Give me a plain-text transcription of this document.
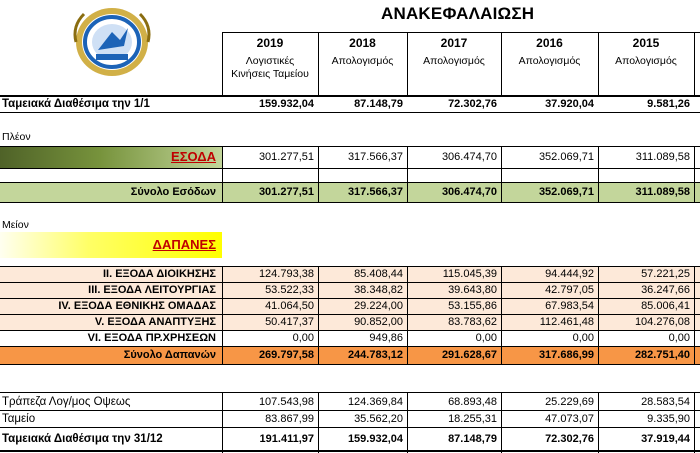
ΑΝΑΚΕΦΑΛΑΙΩΣΗ
2019	2018	2017	2016	2015
Λογιστικές Κινήσεις Ταμείου
Απολογισμός	Απολογισμός	Απολογισμός	Απολογισμός
Ταμειακά Διαθέσιμα την 1/1	159.932,04	87.148,79	72.302,76	37.920,04	9.581,26
Πλέον
ΕΣΟΔΑ	301.277,51	317.566,37	306.474,70	352.069,71	311.089,58
Σύνολο Εσόδων	301.277,51	317.566,37	306.474,70	352.069,71	311.089,58
Μείον
ΔΑΠΑΝΕΣ
ΙΙ. ΕΞΟΔΑ ΔΙΟΙΚΗΣΗΣ	124.793,38	85.408,44	115.045,39	94.444,92	57.221,25
ΙΙΙ. ΕΞΟΔΑ ΛΕΙΤΟΥΡΓΙΑΣ	53.522,33	38.348,82	39.643,80	42.797,05	36.247,66
IV. ΕΞΟΔΑ ΕΘΝΙΚΗΣ ΟΜΑΔΑΣ	41.064,50	29.224,00	53.155,86	67.983,54	85.006,41
V. ΕΞΟΔΑ ΑΝΑΠΤΥΞΗΣ	50.417,37	90.852,00	83.783,62	112.461,48	104.276,08
VI. ΕΞΟΔΑ ΠΡ.ΧΡΗΣΕΩΝ	0,00	949,86	0,00	0,00	0,00
Σύνολο Δαπανών	269.797,58	244.783,12	291.628,67	317.686,99	282.751,40
Τράπεζα Λογ/μος Οψεως	107.543,98	124.369,84	68.893,48	25.229,69	28.583,54
Ταμείο	83.867,99	35.562,20	18.255,31	47.073,07	9.335,90
Ταμειακά Διαθέσιμα την 31/12	191.411,97	159.932,04	87.148,79	72.302,76	37.919,44
